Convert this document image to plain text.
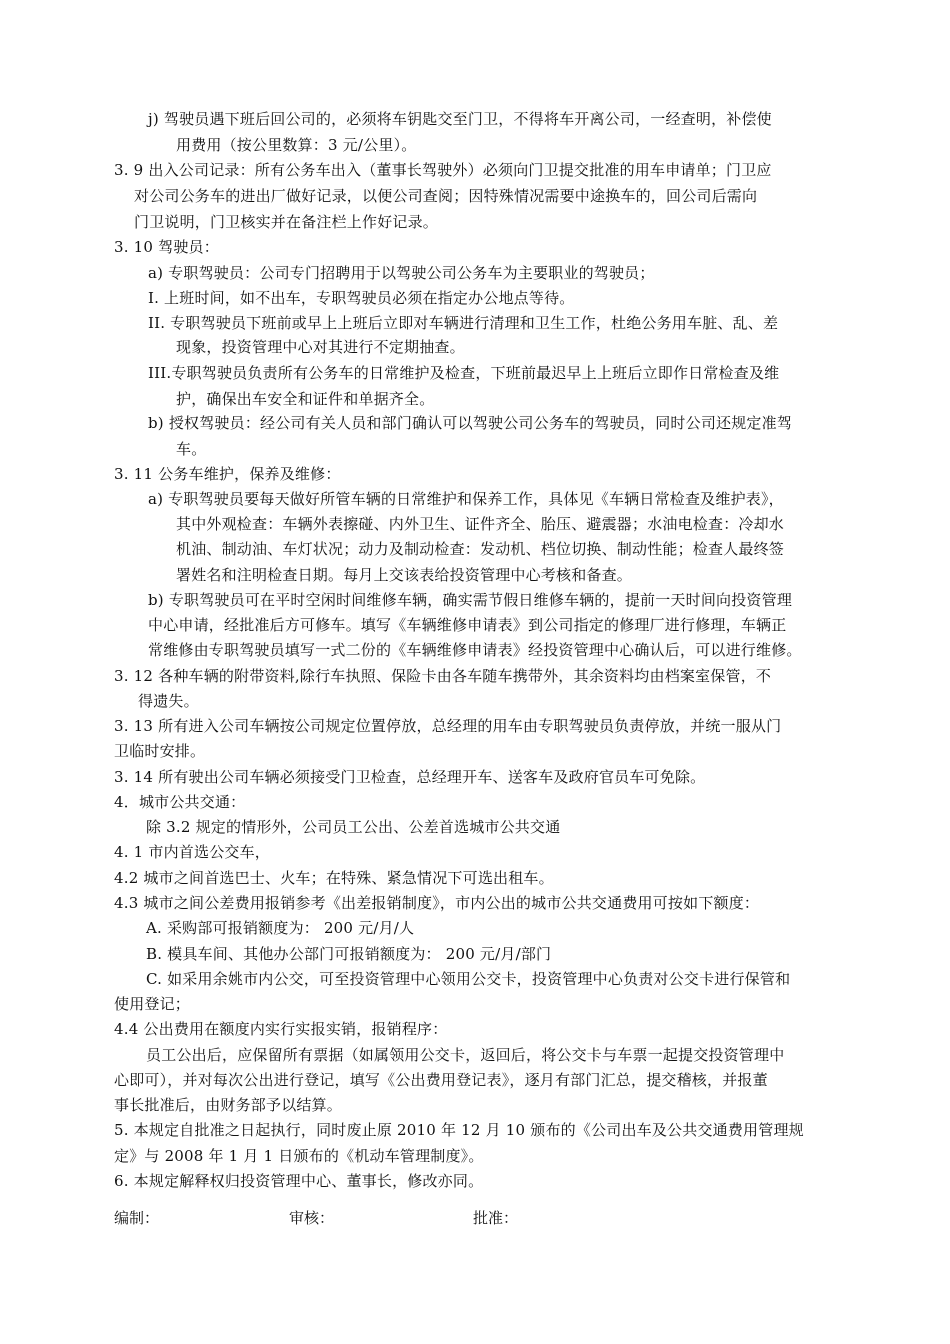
j) 驾驶员遇下班后回公司的，必须将车钥匙交至门卫，不得将车开离公司，一经查明，补偿使
用费用（按公里数算：3 元/公里）。
3. 9 出入公司记录：所有公务车出入（董事长驾驶外）必须向门卫提交批准的用车申请单；门卫应
对公司公务车的进出厂做好记录，以便公司查阅；因特殊情况需要中途换车的，回公司后需向
门卫说明，门卫核实并在备注栏上作好记录。
3. 10 驾驶员：
a) 专职驾驶员：公司专门招聘用于以驾驶公司公务车为主要职业的驾驶员；
I. 上班时间，如不出车，专职驾驶员必须在指定办公地点等待。
II. 专职驾驶员下班前或早上上班后立即对车辆进行清理和卫生工作，杜绝公务用车脏、乱、差
现象，投资管理中心对其进行不定期抽查。
III.专职驾驶员负责所有公务车的日常维护及检查，下班前最迟早上上班后立即作日常检查及维
护，确保出车安全和证件和单据齐全。
b) 授权驾驶员：经公司有关人员和部门确认可以驾驶公司公务车的驾驶员，同时公司还规定准驾
车。
3. 11 公务车维护，保养及维修：
a) 专职驾驶员要每天做好所管车辆的日常维护和保养工作，具体见《车辆日常检查及维护表》，
其中外观检查：车辆外表擦碰、内外卫生、证件齐全、胎压、避震器；水油电检查：冷却水
机油、制动油、车灯状况；动力及制动检查：发动机、档位切换、制动性能；检查人最终签
署姓名和注明检查日期。每月上交该表给投资管理中心考核和备查。
b) 专职驾驶员可在平时空闲时间维修车辆，确实需节假日维修车辆的，提前一天时间向投资管理
中心申请，经批准后方可修车。填写《车辆维修申请表》到公司指定的修理厂进行修理，车辆正
常维修由专职驾驶员填写一式二份的《车辆维修申请表》经投资管理中心确认后，可以进行维修。
3. 12 各种车辆的附带资料,除行车执照、保险卡由各车随车携带外，其余资料均由档案室保管，不
得遗失。
3. 13 所有进入公司车辆按公司规定位置停放，总经理的用车由专职驾驶员负责停放，并统一服从门
卫临时安排。
3. 14 所有驶出公司车辆必须接受门卫检查，总经理开车、送客车及政府官员车可免除。
4．城市公共交通：
除 3.2 规定的情形外，公司员工公出、公差首选城市公共交通
4. 1 市内首选公交车，
4.2 城市之间首选巴士、火车；在特殊、紧急情况下可选出租车。
4.3 城市之间公差费用报销参考《出差报销制度》，市内公出的城市公共交通费用可按如下额度：
A. 采购部可报销额度为： 200 元/月/人
B. 模具车间、其他办公部门可报销额度为： 200 元/月/部门
C. 如采用余姚市内公交，可至投资管理中心领用公交卡，投资管理中心负责对公交卡进行保管和
使用登记；
4.4 公出费用在额度内实行实报实销，报销程序：
员工公出后，应保留所有票据（如属领用公交卡，返回后，将公交卡与车票一起提交投资管理中
心即可），并对每次公出进行登记，填写《公出费用登记表》，逐月有部门汇总，提交稽核，并报董
事长批准后，由财务部予以结算。
5. 本规定自批准之日起执行，同时废止原 2010 年 12 月 10 颁布的《公司出车及公共交通费用管理规
定》与 2008 年 1 月 1 日颁布的《机动车管理制度》。
6. 本规定解释权归投资管理中心、董事长，修改亦同。
编制：	审核：	批准：
